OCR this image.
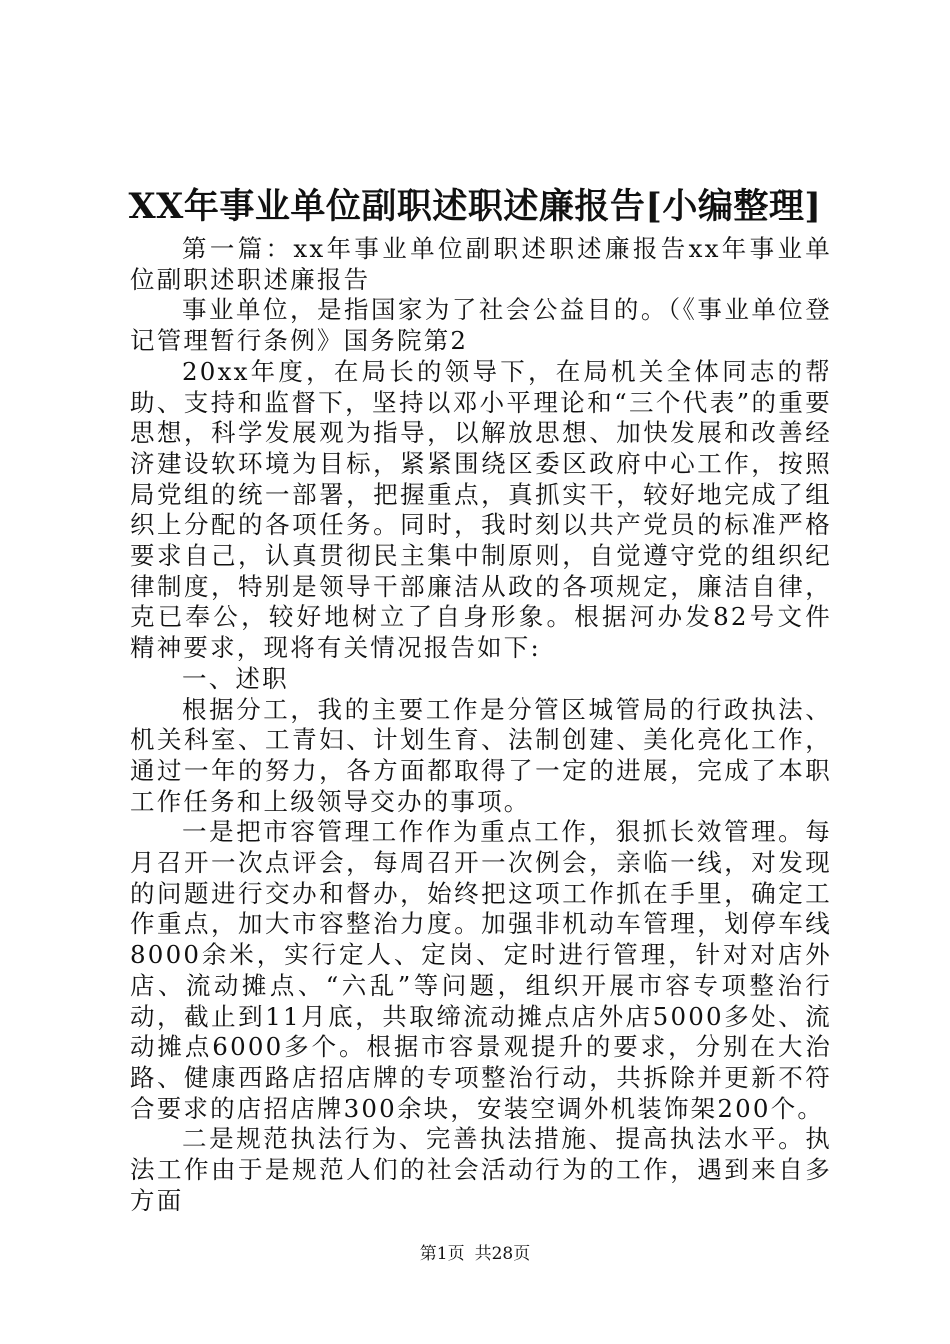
XX年事业单位副职述职述廉报告[小编整理]

第一篇：xx年事业单位副职述职述廉报告xx年事业单位副职述职述廉报告

事业单位，是指国家为了社会公益目的。（《事业单位登记管理暂行条例》国务院第2

20xx年度，在局长的领导下，在局机关全体同志的帮助、支持和监督下，坚持以邓小平理论和“三个代表”的重要思想，科学发展观为指导，以解放思想、加快发展和改善经济建设软环境为目标，紧紧围绕区委区政府中心工作，按照局党组的统一部署，把握重点，真抓实干，较好地完成了组织上分配的各项任务。同时，我时刻以共产党员的标准严格要求自己，认真贯彻民主集中制原则，自觉遵守党的组织纪律制度，特别是领导干部廉洁从政的各项规定，廉洁自律，克已奉公，较好地树立了自身形象。根据河办发82号文件精神要求，现将有关情况报告如下:

一、述职

根据分工，我的主要工作是分管区城管局的行政执法、机关科室、工青妇、计划生育、法制创建、美化亮化工作，通过一年的努力，各方面都取得了一定的进展，完成了本职工作任务和上级领导交办的事项。

一是把市容管理工作作为重点工作，狠抓长效管理。每月召开一次点评会，每周召开一次例会，亲临一线，对发现的问题进行交办和督办，始终把这项工作抓在手里，确定工作重点，加大市容整治力度。加强非机动车管理，划停车线8000余米，实行定人、定岗、定时进行管理，针对对店外店、流动摊点、“六乱”等问题，组织开展市容专项整治行动，截止到11月底，共取缔流动摊点店外店5000多处、流动摊点6000多个。根据市容景观提升的要求，分别在大治路、健康西路店招店牌的专项整治行动，共拆除并更新不符合要求的店招店牌300余块，安装空调外机装饰架200个。

二是规范执法行为、完善执法措施、提高执法水平。执法工作由于是规范人们的社会活动行为的工作，遇到来自多方面

第1页 共28页
